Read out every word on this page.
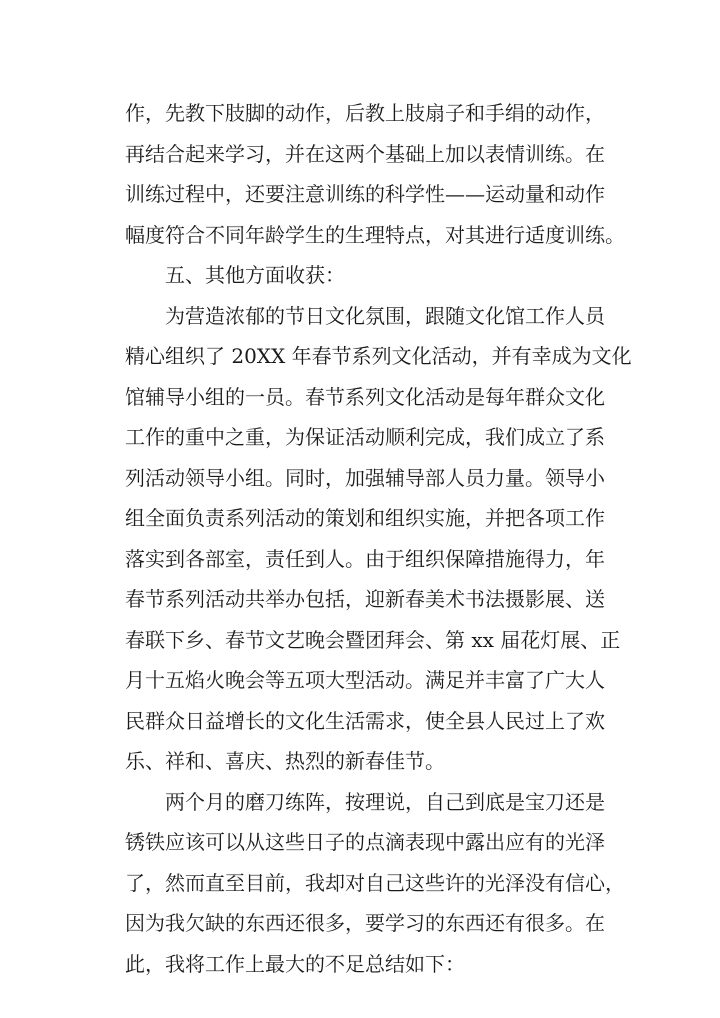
作，先教下肢脚的动作，后教上肢扇子和手绢的动作，
再结合起来学习，并在这两个基础上加以表情训练。在
训练过程中，还要注意训练的科学性——运动量和动作
幅度符合不同年龄学生的生理特点，对其进行适度训练。
五、其他方面收获：
为营造浓郁的节日文化氛围，跟随文化馆工作人员
精心组织了 20XX 年春节系列文化活动，并有幸成为文化
馆辅导小组的一员。春节系列文化活动是每年群众文化
工作的重中之重，为保证活动顺利完成，我们成立了系
列活动领导小组。同时，加强辅导部人员力量。领导小
组全面负责系列活动的策划和组织实施，并把各项工作
落实到各部室，责任到人。由于组织保障措施得力，年
春节系列活动共举办包括，迎新春美术书法摄影展、送
春联下乡、春节文艺晚会暨团拜会、第 xx 届花灯展、正
月十五焰火晚会等五项大型活动。满足并丰富了广大人
民群众日益增长的文化生活需求，使全县人民过上了欢
乐、祥和、喜庆、热烈的新春佳节。
两个月的磨刀练阵，按理说，自己到底是宝刀还是
锈铁应该可以从这些日子的点滴表现中露出应有的光泽
了，然而直至目前，我却对自己这些许的光泽没有信心，
因为我欠缺的东西还很多，要学习的东西还有很多。在
此，我将工作上最大的不足总结如下：
